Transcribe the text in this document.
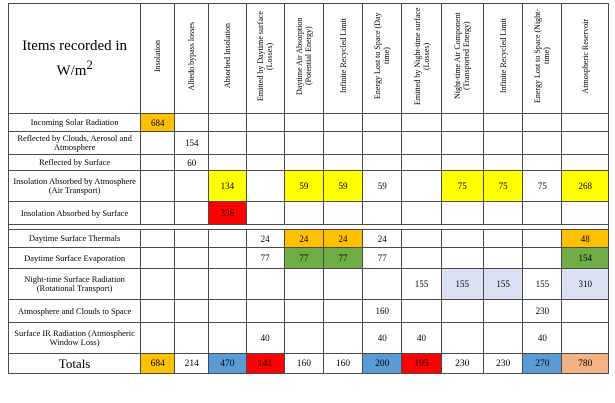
Items recorded in
$W/m^2$	Insolation	Albedo bypass losses	Absorbed Insolation	Emitted by Daytime surface (Losses)	Daytime Air Absorption (Potential Energy)	Infinite Recycled Limit	Energy Lost to Space (Day time)	Emitted by Night-time surface (Losses)	Night-time Air Component (Transported Energy)	Infinite Recycled Limit	Energy Lost to Space (Night-time)	Atmospheric Reservoir
Incoming Solar Radiation	684											
Reflected by Clouds, Aerosol and Atmosphere		154										
Reflected by Surface		60										
Insolation Absorbed by Atmosphere (Air Transport)			134		59	59	59		75	75	75	268
Insolation Absorbed by Surface			336									

Daytime Surface Thermals				24	24	24	24					48
Daytime Surface Evaporation				77	77	77	77					154
Night-time Surface Radiation (Rotational Transport)								155	155	155	155	310
Atmosphere and Clouds to Space							160				230	
Surface IR Radiation (Atmospheric Window Loss)				40			40	40			40	
Totals	684	214	470	141	160	160	200	195	230	230	270	780
